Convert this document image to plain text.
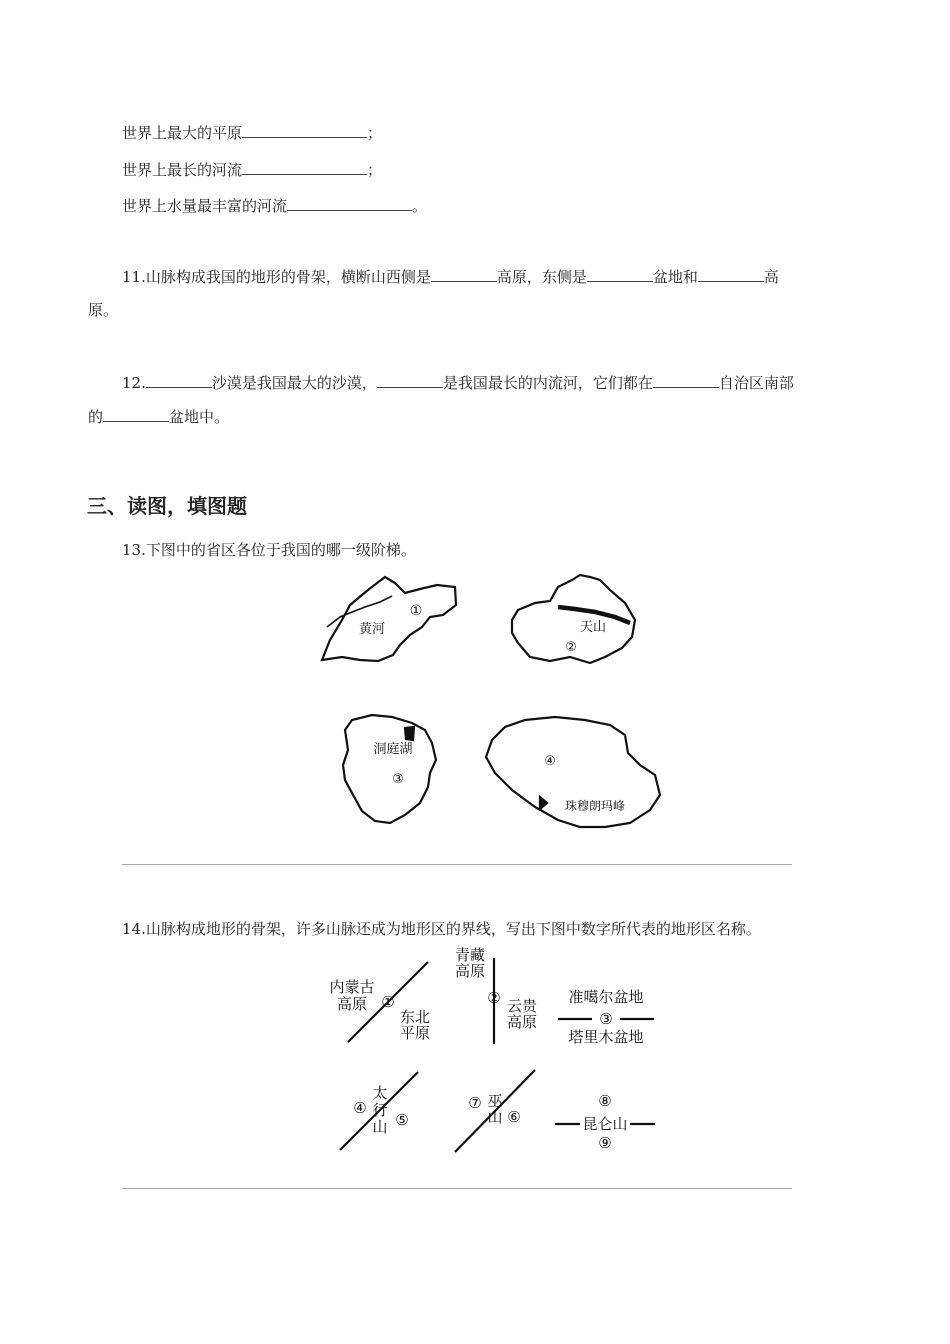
世界上最大的平原	；
世界上最长的河流	；
世界上水量最丰富的河流	。
11.山脉构成我国的地形的骨架，横断山西侧是	高原，东侧是	盆地和	高
原。
12.	沙漠是我国最大的沙漠，	是我国最长的内流河，它们都在	自治区南部
的	盆地中。
三、读图，填图题
13.下图中的省区各位于我国的哪一级阶梯。
①
黄河	天山
②
洞庭湖
③
④
珠穆朗玛峰
14.山脉构成地形的骨架，许多山脉还成为地形区的界线，写出下图中数字所代表的地形区名称。
内蒙古
高原 ①
东北
平原
青藏
高原
② 云贵
高原
准噶尔盆地
③
塔里木盆地
④
太
行
山 ⑤
⑦ 巫
山 ⑥
⑧
昆仑山
⑨
